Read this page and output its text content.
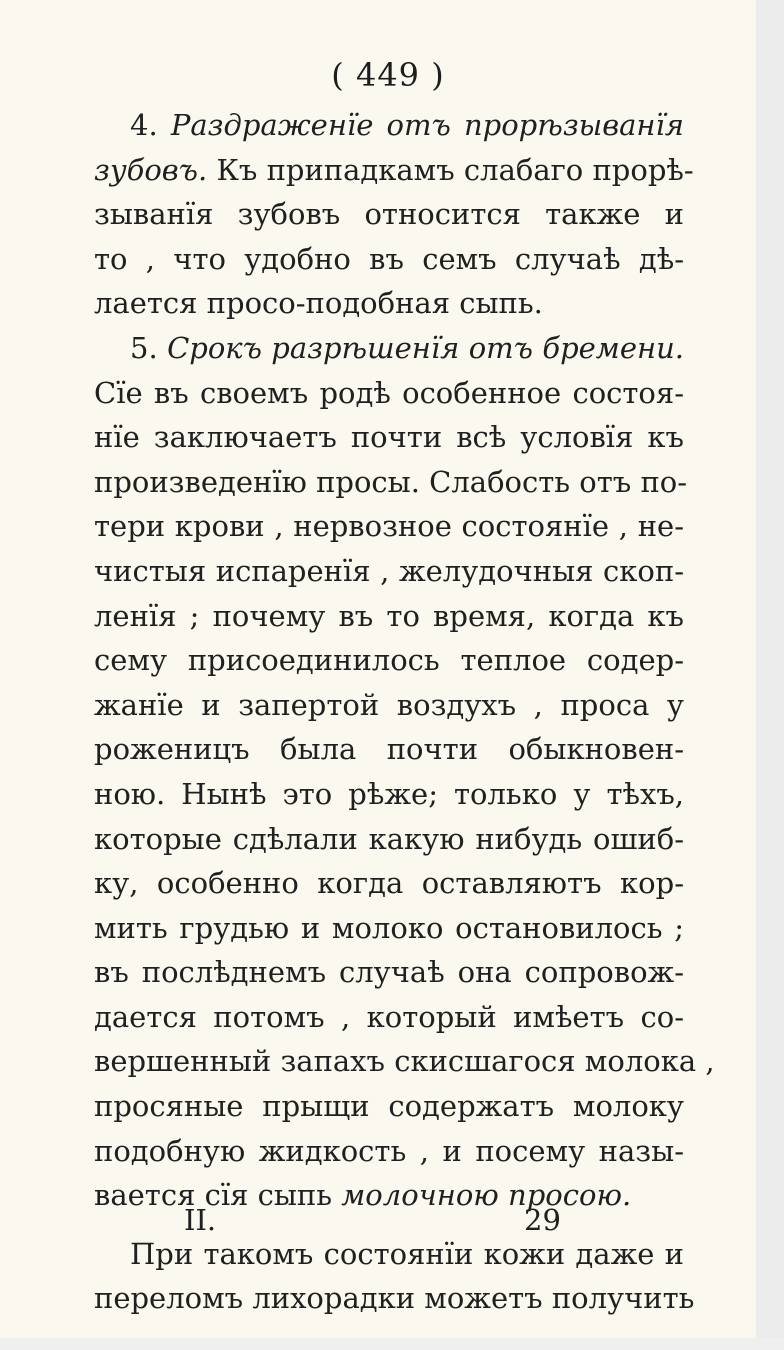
( 449 )
4. Раздраженїе отъ прорѣзыванїя
зубовъ. Къ припадкамъ слабаго прорѣ-
зыванїя зубовъ относится также и
то , что удобно въ семъ случаѣ дѣ-
лается просо-подобная сыпь.
5. Срокъ разрѣшенїя отъ бремени.
Сїе въ своемъ родѣ особенное состоя-
нїе заключаетъ почти всѣ условїя къ
произведенїю просы. Слабость отъ по-
тери крови , нервозное состоянїе , не-
чистыя испаренїя , желудочныя скоп-
ленїя ; почему въ то время, когда къ
сему присоединилось теплое содер-
жанїе и запертой воздухъ , проса у
роженицъ была почти обыкновен-
ною. Нынѣ это рѣже; только у тѣхъ,
которые сдѣлали какую нибудь ошиб-
ку, особенно когда оставляютъ кор-
мить грудью и молоко остановилось ;
въ послѣднемъ случаѣ она сопровож-
дается потомъ , который имѣетъ со-
вершенный запахъ скисшагося молока ,
просяные прыщи содержатъ молоку
подобную жидкость , и посему назы-
вается сїя сыпь молочною просою.
При такомъ состоянїи кожи даже и
переломъ лихорадки можетъ получить
II.	29
